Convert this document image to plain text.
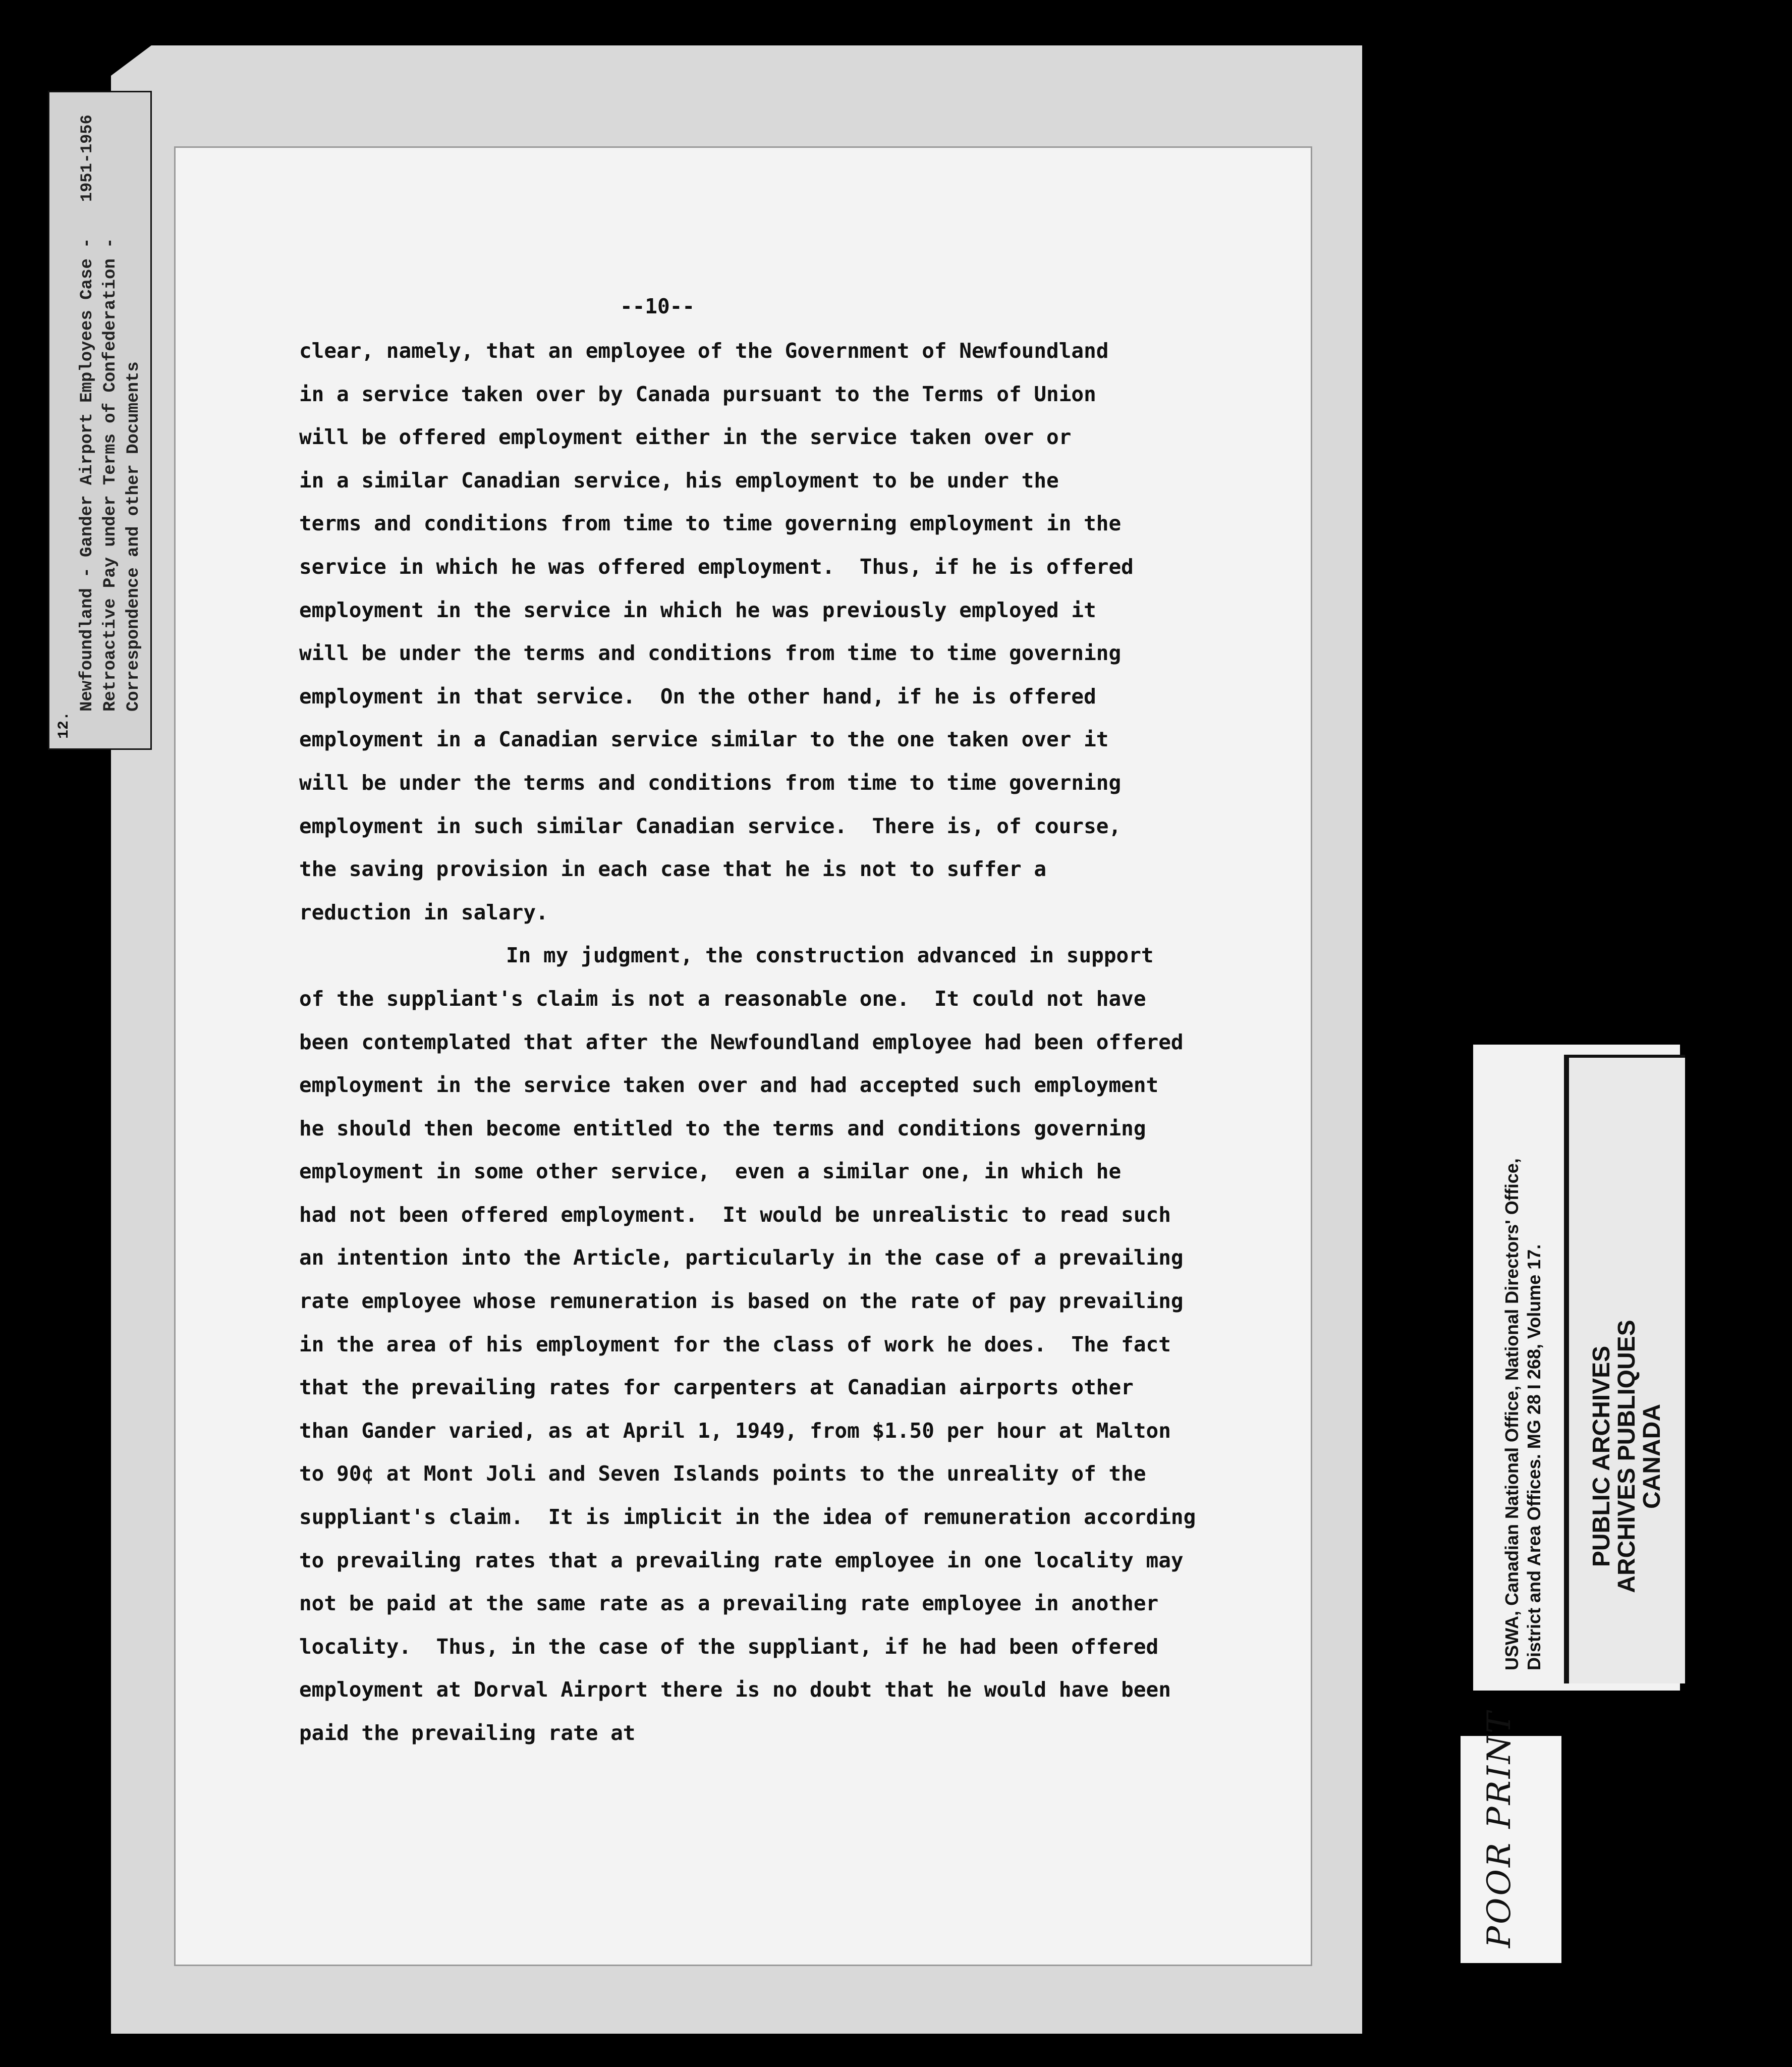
12.
Newfoundland - Gander Airport Employees Case - Retroactive Pay under Terms of Confederation - Correspondence and other Documents
1951-1956
--10--
clear, namely, that an employee of the Government of Newfoundland
in a service taken over by Canada pursuant to the Terms of Union
will be offered employment either in the service taken over or
in a similar Canadian service, his employment to be under the
terms and conditions from time to time governing employment in the
service in which he was offered employment.  Thus, if he is offered
employment in the service in which he was previously employed it
will be under the terms and conditions from time to time governing
employment in that service.  On the other hand, if he is offered
employment in a Canadian service similar to the one taken over it
will be under the terms and conditions from time to time governing
employment in such similar Canadian service.  There is, of course,
the saving provision in each case that he is not to suffer a
reduction in salary.
In my judgment, the construction advanced in support
of the suppliant's claim is not a reasonable one.  It could not have
been contemplated that after the Newfoundland employee had been offered
employment in the service taken over and had accepted such employment
he should then become entitled to the terms and conditions governing
employment in some other service,  even a similar one, in which he
had not been offered employment.  It would be unrealistic to read such
an intention into the Article, particularly in the case of a prevailing
rate employee whose remuneration is based on the rate of pay prevailing
in the area of his employment for the class of work he does.  The fact
that the prevailing rates for carpenters at Canadian airports other
than Gander varied, as at April 1, 1949, from $1.50 per hour at Malton
to 90¢ at Mont Joli and Seven Islands points to the unreality of the
suppliant's claim.  It is implicit in the idea of remuneration according
to prevailing rates that a prevailing rate employee in one locality may
not be paid at the same rate as a prevailing rate employee in another
locality.  Thus, in the case of the suppliant, if he had been offered
employment at Dorval Airport there is no doubt that he would have been
paid the prevailing rate at
USWA, Canadian National Office, National Directors' Office, District and Area Offices. MG 28 I 268, Volume 17. PUBLIC ARCHIVES
ARCHIVES PUBLIQUES
CANADA
POOR PRINT
